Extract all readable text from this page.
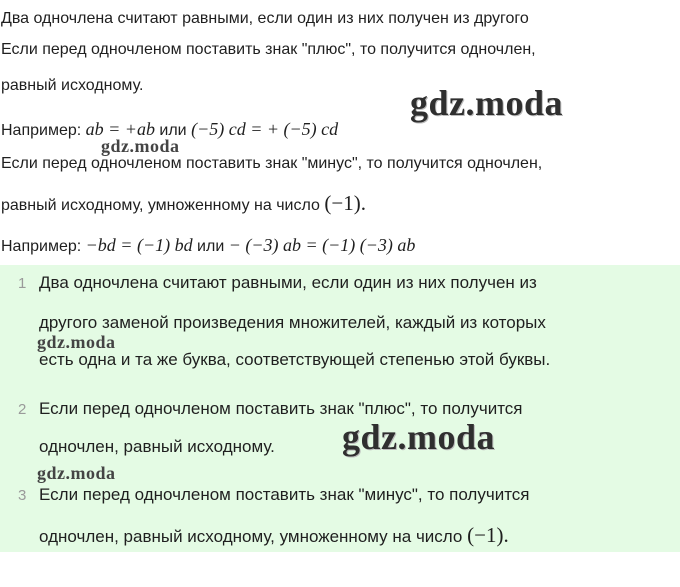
Два одночлена считают равными, если один из них получен из другого
Если перед одночленом поставить знак "плюс", то получится одночлен,
равный исходному.
Например: ab = +ab или (−5) cd = + (−5) cd
Если перед одночленом поставить знак "минус", то получится одночлен,
равный исходному, умноженному на число (−1).
Например: −bd = (−1) bd или − (−3) ab = (−1) (−3) ab
1 Два одночлена считают равными, если один из них получен из
другого заменой произведения множителей, каждый из которых
есть одна и та же буква, соответствующей степенью этой буквы.
2 Если перед одночленом поставить знак "плюс", то получится
одночлен, равный исходному.
3 Если перед одночленом поставить знак "минус", то получится
одночлен, равный исходному, умноженному на число (−1).
gdz.moda
gdz.moda
gdz.moda
gdz.moda
gdz.moda
